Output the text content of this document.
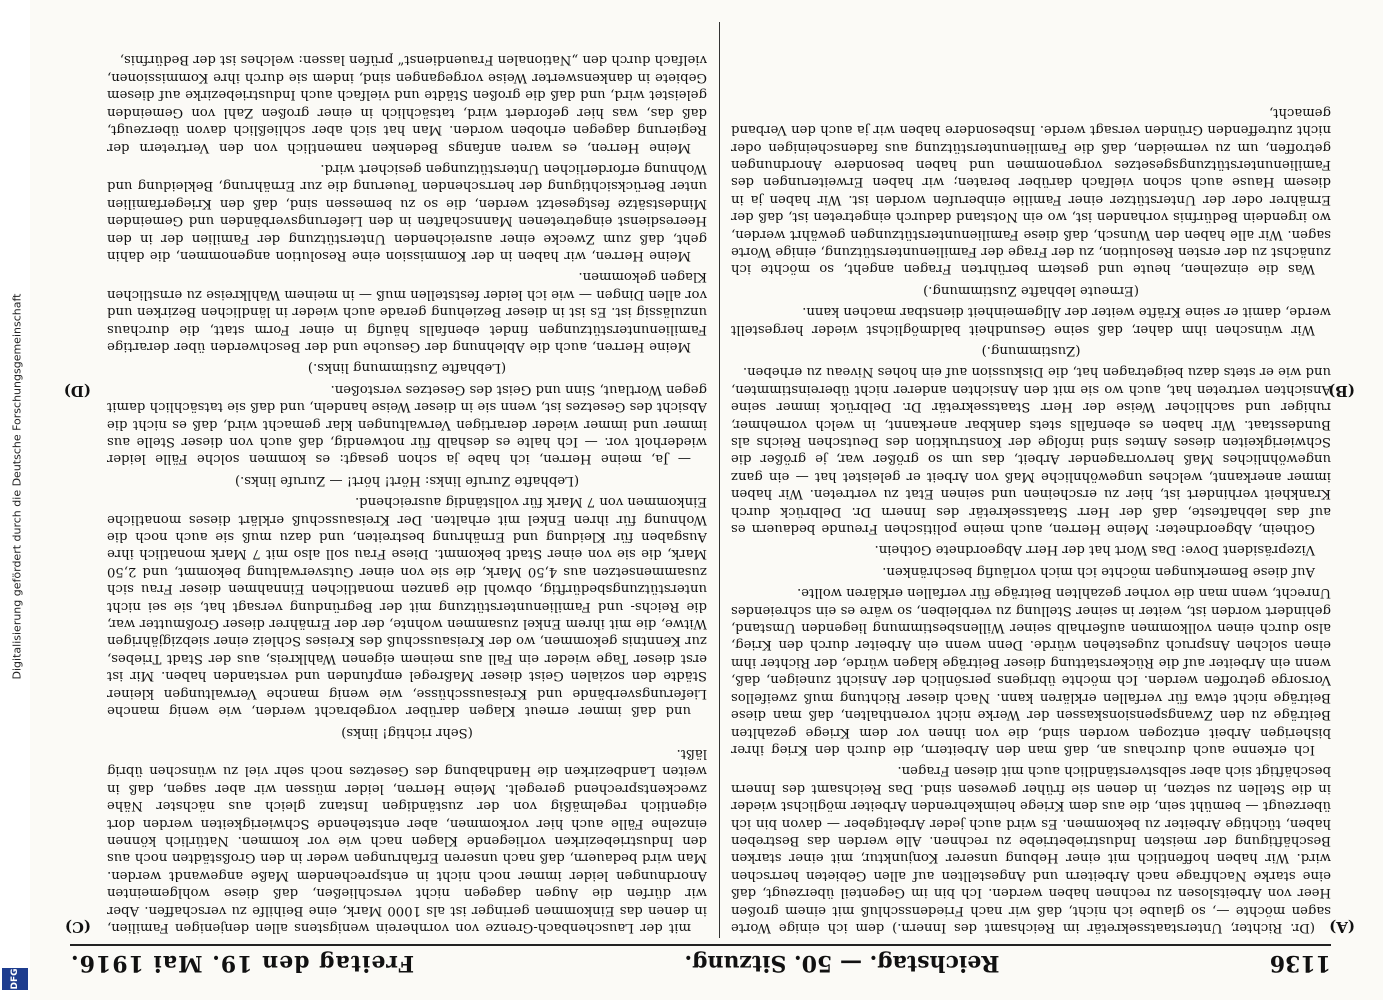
1136
Reichstag. — 50. Sitzung.
Freitag den 19. Mai 1916.
(A)
(B)
(C)
(D)

(Dr. Richter, Unterstaatssekretär im Reichsamt des Innern.) dem ich einige Worte sagen möchte —, so glaube ich nicht, daß wir nach Friedensschluß mit einem großen Heer von Arbeitslosen zu rechnen haben werden. Ich bin im Gegenteil überzeugt, daß eine starke Nachfrage nach Arbeitern und Angestellten auf allen Gebieten herrschen wird. Wir haben hoffentlich mit einer Hebung unserer Konjunktur, mit einer starken Beschäftigung der meisten Industriebetriebe zu rechnen. Alle werden das Bestreben haben, tüchtige Arbeiter zu bekommen. Es wird auch jeder Arbeitgeber — davon bin ich überzeugt — bemüht sein, die aus dem Kriege heimkehrenden Arbeiter möglichst wieder in die Stellen zu setzen, in denen sie früher gewesen sind. Das Reichsamt des Innern beschäftigt sich aber selbstverständlich auch mit diesen Fragen.

Ich erkenne auch durchaus an, daß man den Arbeitern, die durch den Krieg ihrer bisherigen Arbeit entzogen worden sind, die von ihnen vor dem Kriege gezahlten Beiträge zu den Zwangspensionskassen der Werke nicht vorenthalten, daß man diese Beiträge nicht etwa für verfallen erklären kann. Nach dieser Richtung muß zweifellos Vorsorge getroffen werden. Ich möchte übrigens persönlich der Ansicht zuneigen, daß, wenn ein Arbeiter auf die Rückerstattung dieser Beiträge klagen würde, der Richter ihm einen solchen Anspruch zugestehen würde. Denn wenn ein Arbeiter durch den Krieg, also durch einen vollkommen außerhalb seiner Willensbestimmung liegenden Umstand, gehindert worden ist, weiter in seiner Stellung zu verbleiben, so wäre es ein schreiendes Unrecht, wenn man die vorher gezahlten Beiträge für verfallen erklären wollte.

Auf diese Bemerkungen möchte ich mich vorläufig beschränken.

Vizepräsident Dove: Das Wort hat der Herr Abgeordnete Gothein.

Gothein, Abgeordneter: Meine Herren, auch meine politischen Freunde bedauern es auf das lebhafteste, daß der Herr Staatssekretär des Innern Dr. Delbrück durch Krankheit verhindert ist, hier zu erscheinen und seinen Etat zu vertreten. Wir haben immer anerkannt, welches ungewöhnliche Maß von Arbeit er geleistet hat — ein ganz ungewöhnliches Maß hervorragender Arbeit, das um so größer war, je größer die Schwierigkeiten dieses Amtes sind infolge der Konstruktion des Deutschen Reichs als Bundesstaat. Wir haben es ebenfalls stets dankbar anerkannt, in welch vornehmer, ruhiger und sachlicher Weise der Herr Staatssekretär Dr. Delbrück immer seine Ansichten vertreten hat, auch wo sie mit den Ansichten anderer nicht übereinstimmten, und wie er stets dazu beigetragen hat, die Diskussion auf ein hohes Niveau zu erheben.

(Zustimmung.)

Wir wünschen ihm daher, daß seine Gesundheit baldmöglichst wieder hergestellt werde, damit er seine Kräfte weiter der Allgemeinheit dienstbar machen kann.

(Erneute lebhafte Zustimmung.)

Was die einzelnen, heute und gestern berührten Fragen angeht, so möchte ich zunächst zu der ersten Resolution, zu der Frage der Familienunterstützung, einige Worte sagen. Wir alle haben den Wunsch, daß diese Familienunterstützungen gewährt werden, wo irgendein Bedürfnis vorhanden ist, wo ein Notstand dadurch eingetreten ist, daß der Ernährer oder der Unterstützer einer Familie einberufen worden ist. Wir haben ja in diesem Hause auch schon vielfach darüber beraten; wir haben Erweiterungen des Familienunterstützungsgesetzes vorgenommen und haben besondere Anordnungen getroffen, um zu vermeiden, daß die Familienunterstützung aus fadenscheinigen oder nicht zutreffenden Gründen versagt werde. Insbesondere haben wir ja auch den Verband gemacht,

mit der Lauschenbach-Grenze von vornherein wenigstens allen denjenigen Familien, in denen das Einkommen geringer ist als 1000 Mark, eine Beihilfe zu verschaffen. Aber wir dürfen die Augen dagegen nicht verschließen, daß diese wohlgemeinten Anordnungen leider immer noch nicht in entsprechendem Maße angewandt werden. Man wird bedauern, daß nach unseren Erfahrungen weder in den Großstädten noch aus den Industriebezirken vorliegende Klagen nach wie vor kommen. Natürlich können einzelne Fälle auch hier vorkommen, aber entstehende Schwierigkeiten werden dort eigentlich regelmäßig von der zuständigen Instanz gleich aus nächster Nähe zweckentsprechend geregelt. Meine Herren, leider müssen wir aber sagen, daß in weiten Landbezirken die Handhabung des Gesetzes noch sehr viel zu wünschen übrig läßt.

(Sehr richtig! links)

und daß immer erneut Klagen darüber vorgebracht werden, wie wenig manche Lieferungsverbände und Kreisausschüsse, wie wenig manche Verwaltungen kleiner Städte den sozialen Geist dieser Maßregel empfunden und verstanden haben. Mir ist erst dieser Tage wieder ein Fall aus meinem eigenen Wahlkreis, aus der Stadt Triebes, zur Kenntnis gekommen, wo der Kreisausschuß des Kreises Schleiz einer siebzigjährigen Witwe, die mit ihrem Enkel zusammen wohnte, der der Ernährer dieser Großmutter war, die Reichs- und Familienunterstützung mit der Begründung versagt hat, sie sei nicht unterstützungsbedürftig, obwohl die ganzen monatlichen Einnahmen dieser Frau sich zusammensetzen aus 4,50 Mark, die sie von einer Gutsverwaltung bekommt, und 2,50 Mark, die sie von einer Stadt bekommt. Diese Frau soll also mit 7 Mark monatlich ihre Ausgaben für Kleidung und Ernährung bestreiten, und dazu muß sie auch noch die Wohnung für ihren Enkel mit erhalten. Der Kreisausschuß erklärt dieses monatliche Einkommen von 7 Mark für vollständig ausreichend.

(Lebhafte Zurufe links: Hört! hört! — Zurufe links.)

— Ja, meine Herren, ich habe ja schon gesagt: es kommen solche Fälle leider wiederholt vor. — Ich halte es deshalb für notwendig, daß auch von dieser Stelle aus immer und immer wieder derartigen Verwaltungen klar gemacht wird, daß es nicht die Absicht des Gesetzes ist, wenn sie in dieser Weise handeln, und daß sie tatsächlich damit gegen Wortlaut, Sinn und Geist des Gesetzes verstoßen.

(Lebhafte Zustimmung links.)

Meine Herren, auch die Ablehnung der Gesuche und der Beschwerden über derartige Familienunterstützungen findet ebenfalls häufig in einer Form statt, die durchaus unzulässig ist. Es ist in dieser Beziehung gerade auch wieder in ländlichen Bezirken und vor allen Dingen — wie ich leider feststellen muß — in meinem Wahlkreise zu ernstlichen Klagen gekommen.

Meine Herren, wir haben in der Kommission eine Resolution angenommen, die dahin geht, daß zum Zwecke einer ausreichenden Unterstützung der Familien der in den Heeresdienst eingetretenen Mannschaften in den Lieferungsverbänden und Gemeinden Mindestsätze festgesetzt werden, die so zu bemessen sind, daß den Kriegerfamilien unter Berücksichtigung der herrschenden Teuerung die zur Ernährung, Bekleidung und Wohnung erforderlichen Unterstützungen gesichert wird.

Meine Herren, es waren anfangs Bedenken namentlich von den Vertretern der Regierung dagegen erhoben worden. Man hat sich aber schließlich davon überzeugt, daß das, was hier gefordert wird, tatsächlich in einer großen Zahl von Gemeinden geleistet wird, und daß die großen Städte und vielfach auch Industriebezirke auf diesem Gebiete in dankenswerter Weise vorgegangen sind, indem sie durch ihre Kommissionen, vielfach durch den „Nationalen Frauendienst“ prüfen lassen: welches ist der Bedürfnis,

Digitalisierung gefördert durch die Deutsche Forschungsgemeinschaft
DFG
